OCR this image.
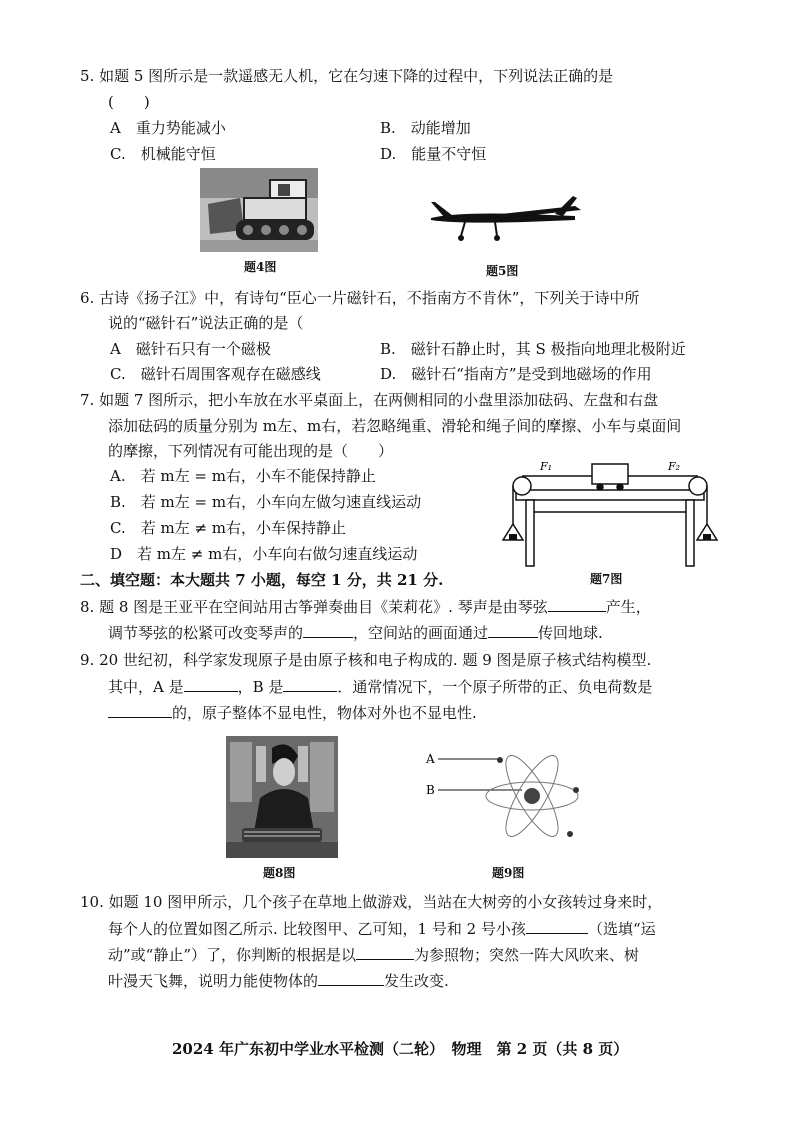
5. 如题 5 图所示是一款遥感无人机，它在匀速下降的过程中，下列说法正确的是
(　　)
A　重力势能减小	B.　动能增加
C.　机械能守恒	D.　能量不守恒
题4图	题5图
6. 古诗《扬子江》中，有诗句“臣心一片磁针石，不指南方不肯休”，下列关于诗中所
说的“磁针石”说法正确的是（
A　磁针石只有一个磁极	B.　磁针石静止时，其 S 极指向地理北极附近
C.　磁针石周围客观存在磁感线	D.　磁针石“指南方”是受到地磁场的作用
7. 如题 7 图所示，把小车放在水平桌面上，在两侧相同的小盘里添加砝码、左盘和右盘
添加砝码的质量分别为 m左、m右，若忽略绳重、滑轮和绳子间的摩擦、小车与桌面间
的摩擦，下列情况有可能出现的是（　　）
A.　若 m左 = m右，小车不能保持静止
B.　若 m左 = m右，小车向左做匀速直线运动
C.　若 m左 ≠ m右，小车保持静止
D　若 m左 ≠ m右，小车向右做匀速直线运动
F₁	F₂
题7图
二、填空题：本大题共 7 小题，每空 1 分，共 21 分.
8. 题 8 图是王亚平在空间站用古筝弹奏曲目《茉莉花》. 琴声是由琴弦	产生，
调节琴弦的松紧可改变琴声的	，空间站的画面通过	传回地球.
9. 20 世纪初，科学家发现原子是由原子核和电子构成的. 题 9 图是原子核式结构模型.
其中，A 是	，B 是	．通常情况下，一个原子所带的正、负电荷数是
的，原子整体不显电性，物体对外也不显电性.
题8图
A
B
题9图
10. 如题 10 图甲所示，几个孩子在草地上做游戏，当站在大树旁的小女孩转过身来时，
每个人的位置如图乙所示. 比较图甲、乙可知，1 号和 2 号小孩	（选填“运
动”或“静止”）了，你判断的根据是以	为参照物；突然一阵大风吹来、树
叶漫天飞舞，说明力能使物体的	发生改变.
2024 年广东初中学业水平检测（二轮）　物理　第 2 页（共 8 页）
